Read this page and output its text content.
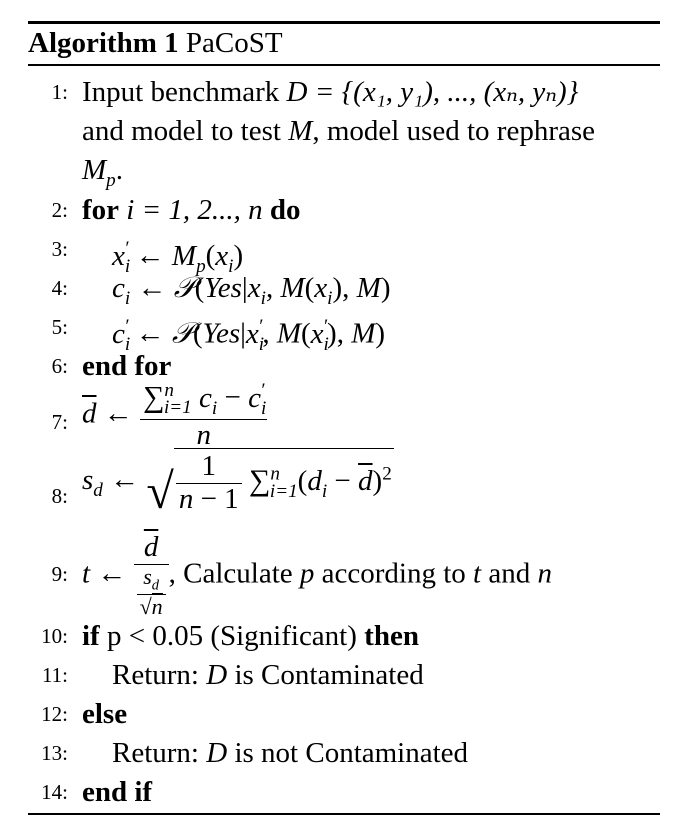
Algorithm 1 PaCoST
1:
2:
3:
4:
5:
6:
7:
8:
9:
10:
11:
12:
13:
14:
Input benchmark D = {(x₁, y₁), ..., (xₙ, yₙ)}
and model to test M, model used to rephrase
$M_p$.
for i = 1, 2..., n do
$x_i'$ ← $M_p(x_i)$
$c_i$ ← $𝒫(Yes|x_i$, $M(x_i)$, M)
$c_i'$ ← $𝒫(Yes|x_i'$, $M(x_i')$, M)
end for
$\overline{d}$ ← $\frac{\sum^n_{i=1} c_i - c_i'}{n}$
$s_d$ ← √ $\frac{1}{n - 1} \sum^n_{i=1}(d_i - \overline{d})^2$
t ← $\frac{\overline{d}}{\frac{s_d}{√n}}$ , Calculate p according to t and n
if p < 0.05 (Significant) then
Return: D is Contaminated
else
Return: D is not Contaminated
end if
